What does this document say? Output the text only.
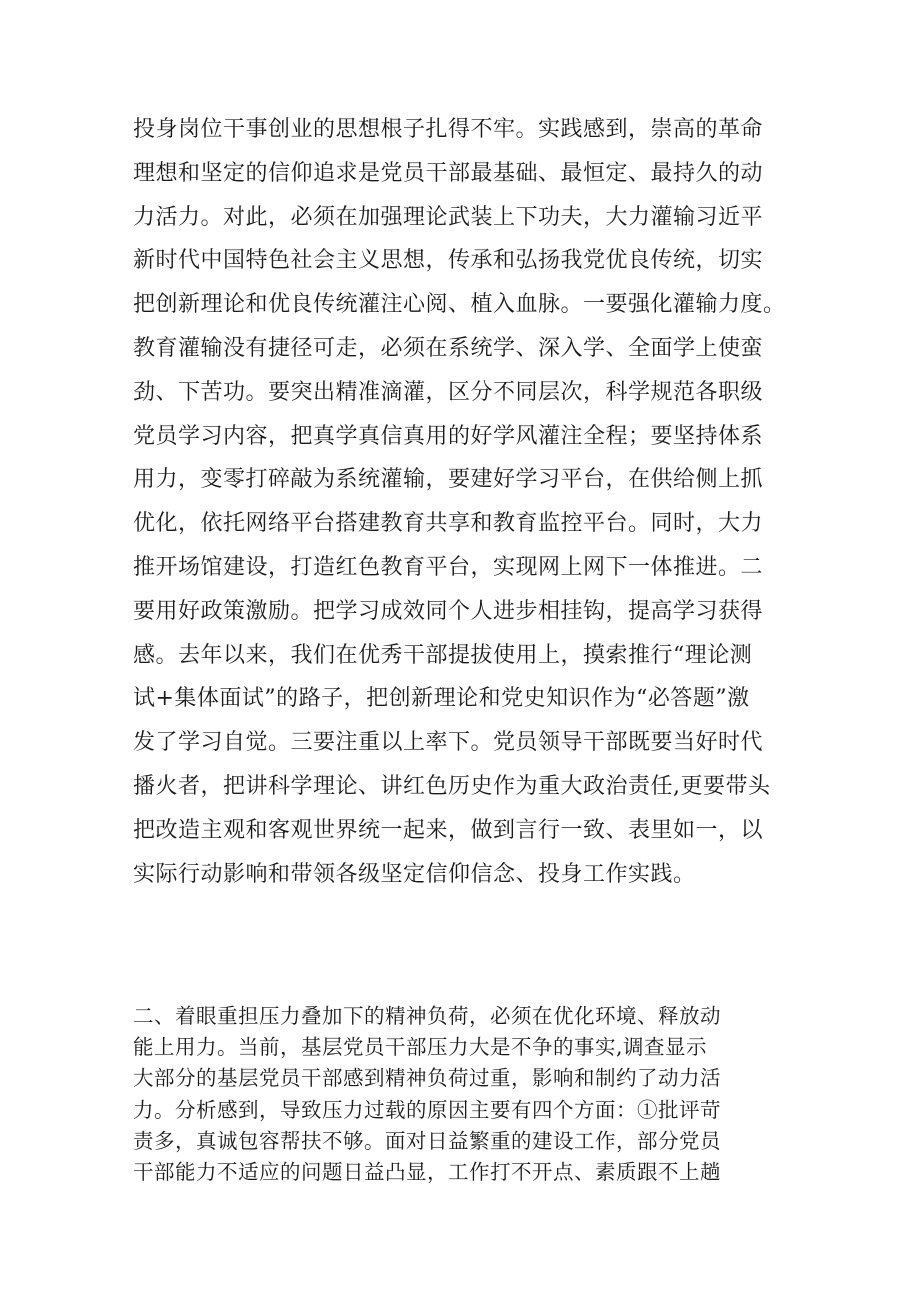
投身岗位干事创业的思想根子扎得不牢。实践感到，崇高的革命
理想和坚定的信仰追求是党员干部最基础、最恒定、最持久的动
力活力。对此，必须在加强理论武装上下功夫，大力灌输习近平
新时代中国特色社会主义思想，传承和弘扬我党优良传统，切实
把创新理论和优良传统灌注心阅、植入血脉。一要强化灌输力度。
教育灌输没有捷径可走，必须在系统学、深入学、全面学上使蛮
劲、下苦功。要突出精准滴灌，区分不同层次，科学规范各职级
党员学习内容，把真学真信真用的好学风灌注全程；要坚持体系
用力，变零打碎敲为系统灌输，要建好学习平台，在供给侧上抓
优化，依托网络平台搭建教育共享和教育监控平台。同时，大力
推开场馆建设，打造红色教育平台，实现网上网下一体推进。二
要用好政策激励。把学习成效同个人进步相挂钩，提高学习获得
感。去年以来，我们在优秀干部提拔使用上，摸索推行“理论测
试+集体面试”的路子，把创新理论和党史知识作为“必答题”激
发了学习自觉。三要注重以上率下。党员领导干部既要当好时代
播火者，把讲科学理论、讲红色历史作为重大政治责任,更要带头
把改造主观和客观世界统一起来，做到言行一致、表里如一，以
实际行动影响和带领各级坚定信仰信念、投身工作实践。
二、着眼重担压力叠加下的精神负荷，必须在优化环境、释放动
能上用力。当前，基层党员干部压力大是不争的事实,调查显示
大部分的基层党员干部感到精神负荷过重，影响和制约了动力活
力。分析感到，导致压力过载的原因主要有四个方面：①批评苛
责多，真诚包容帮扶不够。面对日益繁重的建设工作，部分党员
干部能力不适应的问题日益凸显，工作打不开点、素质跟不上趟
